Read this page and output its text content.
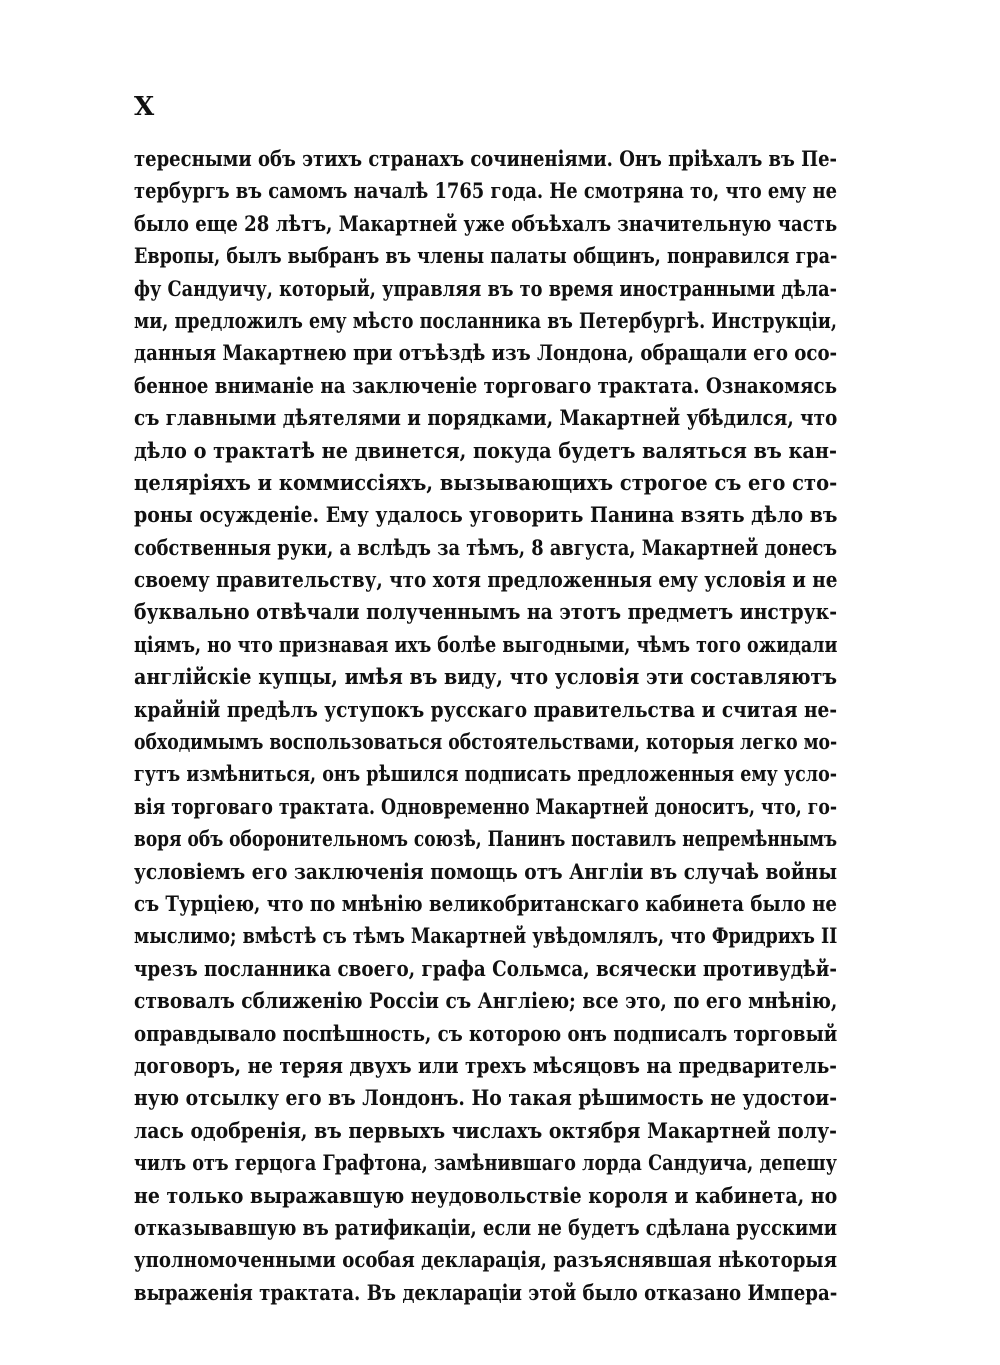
X
тересными объ этихъ странахъ сочиненіями. Онъ пріѣхалъ въ Пе-
тербургъ въ самомъ началѣ 1765 года. Не смотряна то, что ему не
было еще 28 лѣтъ, Макартней уже объѣхалъ значительную часть
Европы, былъ выбранъ въ члены палаты общинъ, понравился гра-
фу Сандуичу, который, управляя въ то время иностранными дѣла-
ми, предложилъ ему мѣсто посланника въ Петербургѣ. Инструкціи,
данныя Макартнею при отъѣздѣ изъ Лондона, обращали его осо-
бенное вниманіе на заключеніе торговаго трактата. Ознакомясь
съ главными дѣятелями и порядками, Макартней убѣдился, что
дѣло о трактатѣ не двинется, покуда будетъ валяться въ кан-
целяріяхъ и коммиссіяхъ, вызывающихъ строгое съ его сто-
роны осужденіе. Ему удалось уговорить Панина взять дѣло въ
собственныя руки, а вслѣдъ за тѣмъ, 8 августа, Макартней донесъ
своему правительству, что хотя предложенныя ему условія и не
буквально отвѣчали полученнымъ на этотъ предметъ инструк-
ціямъ, но что признавая ихъ болѣе выгодными, чѣмъ того ожидали
англійскіе купцы, имѣя въ виду, что условія эти составляютъ
крайній предѣлъ уступокъ русскаго правительства и считая не-
обходимымъ воспользоваться обстоятельствами, которыя легко мо-
гутъ измѣниться, онъ рѣшился подписать предложенныя ему усло-
вія торговаго трактата. Одновременно Макартней доноситъ, что, го-
воря объ оборонительномъ союзѣ, Панинъ поставилъ непремѣннымъ
условіемъ его заключенія помощь отъ Англіи въ случаѣ войны
съ Турціею, что по мнѣнію великобританскаго кабинета было не
мыслимо; вмѣстѣ съ тѣмъ Макартней увѣдомлялъ, что Фридрихъ II
чрезъ посланника своего, графа Сольмса, всячески противудѣй-
ствовалъ сближенію Россіи съ Англіею; все это, по его мнѣнію,
оправдывало поспѣшность, съ которою онъ подписалъ торговый
договоръ, не теряя двухъ или трехъ мѣсяцовъ на предваритель-
ную отсылку его въ Лондонъ. Но такая рѣшимость не удостои-
лась одобренія, въ первыхъ числахъ октября Макартней полу-
чилъ отъ герцога Графтона, замѣнившаго лорда Сандуича, депешу
не только выражавшую неудовольствіе короля и кабинета, но
отказывавшую въ ратификаціи, если не будетъ сдѣлана русскими
уполномоченными особая декларація, разъяснявшая нѣкоторыя
выраженія трактата. Въ деклараціи этой было отказано Импера-
